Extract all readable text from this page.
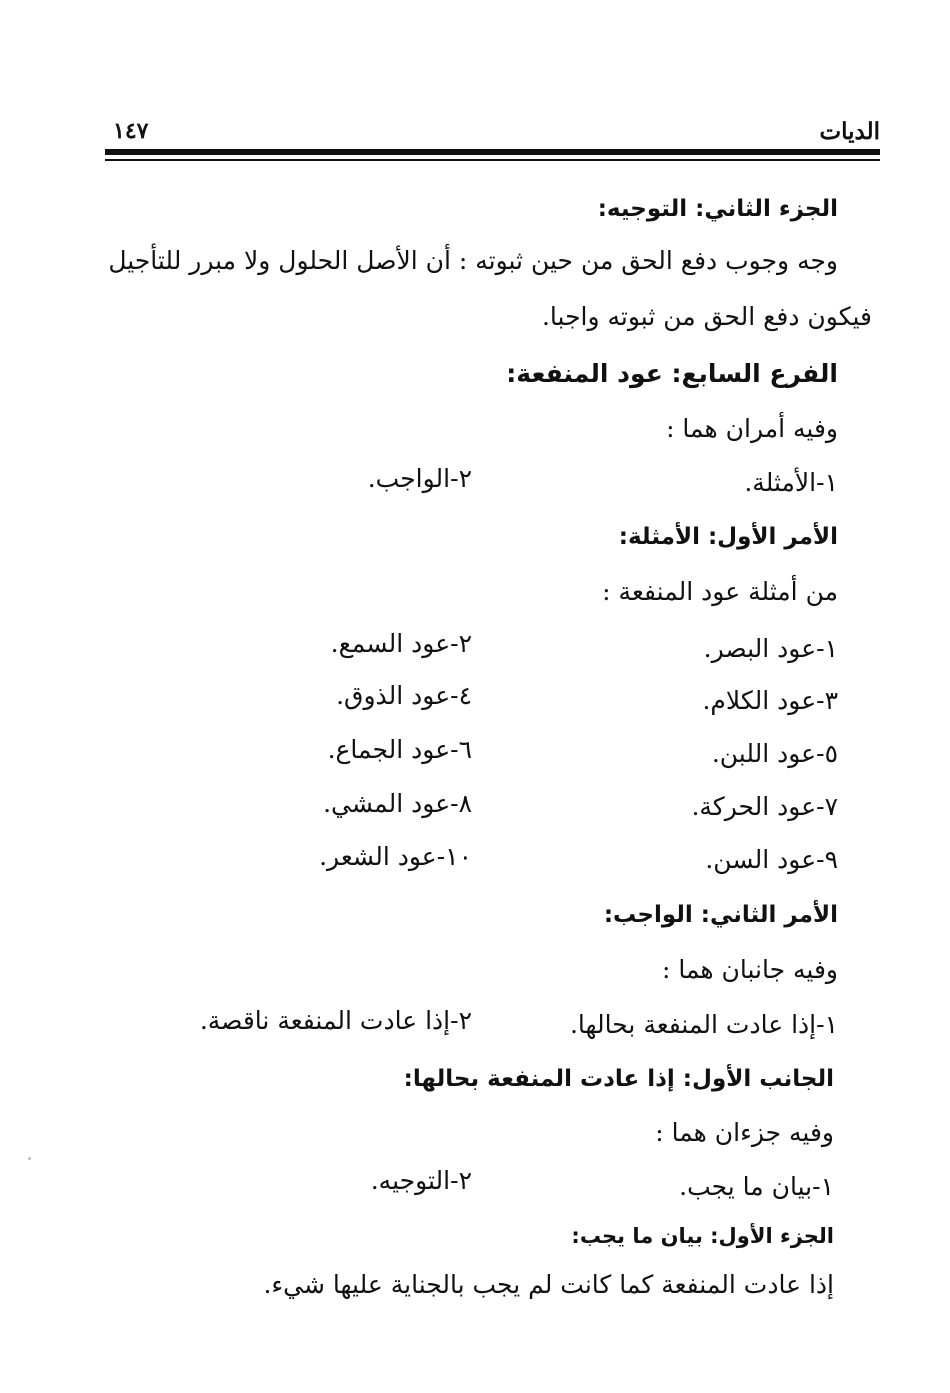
الديات
١٤٧
الجزء الثاني: التوجيه:
وجه وجوب دفع الحق من حين ثبوته : أن الأصل الحلول ولا مبرر للتأجيل
فيكون دفع الحق من ثبوته واجبا.
الفرع السابع: عود المنفعة:
وفيه أمران هما :
١-الأمثلة.
٢-الواجب.
الأمر الأول: الأمثلة:
من أمثلة عود المنفعة :
١-عود البصر.
٢-عود السمع.
٣-عود الكلام.
٤-عود الذوق.
٥-عود اللبن.
٦-عود الجماع.
٧-عود الحركة.
٨-عود المشي.
٩-عود السن.
١٠-عود الشعر.
الأمر الثاني: الواجب:
وفيه جانبان هما :
١-إذا عادت المنفعة بحالها.
٢-إذا عادت المنفعة ناقصة.
الجانب الأول: إذا عادت المنفعة بحالها:
وفيه جزءان هما :
١-بيان ما يجب.
٢-التوجيه.
الجزء الأول: بيان ما يجب:
إذا عادت المنفعة كما كانت لم يجب بالجناية عليها شيء.
